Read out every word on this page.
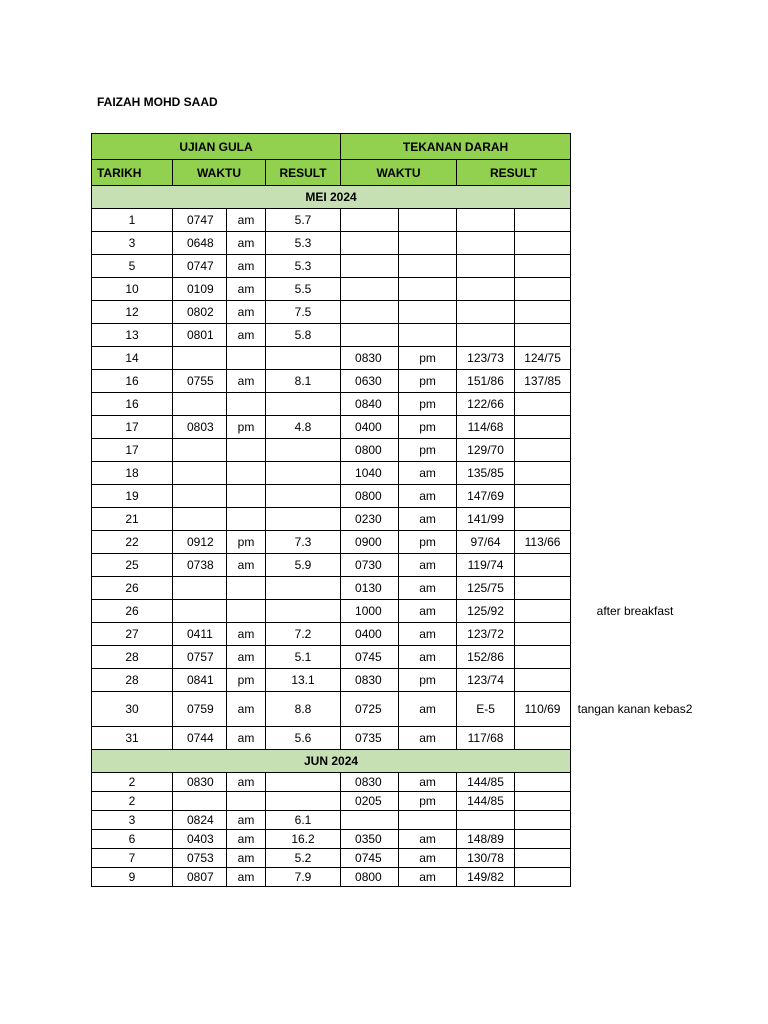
FAIZAH MOHD SAAD
UJIAN GULA				TEKANAN DARAH			
TARIKH	WAKTU		RESULT	WAKTU		RESULT	
MEI 2024							
1	0747	am	5.7				
3	0648	am	5.3				
5	0747	am	5.3				
10	0109	am	5.5				
12	0802	am	7.5				
13	0801	am	5.8				
14				0830	pm	123/73	124/75
16	0755	am	8.1	0630	pm	151/86	137/85
16				0840	pm	122/66	
17	0803	pm	4.8	0400	pm	114/68	
17				0800	pm	129/70	
18				1040	am	135/85	
19				0800	am	147/69	
21				0230	am	141/99	
22	0912	pm	7.3	0900	pm	97/64	113/66
25	0738	am	5.9	0730	am	119/74	
26				0130	am	125/75	
26				1000	am	125/92	
27	0411	am	7.2	0400	am	123/72	
28	0757	am	5.1	0745	am	152/86	
28	0841	pm	13.1	0830	pm	123/74	
30	0759	am	8.8	0725	am	E-5	110/69
31	0744	am	5.6	0735	am	117/68	
JUN 2024							
2	0830	am		0830	am	144/85	
2				0205	pm	144/85	
3	0824	am	6.1				
6	0403	am	16.2	0350	am	148/89	
7	0753	am	5.2	0745	am	130/78	
9	0807	am	7.9	0800	am	149/82	
after breakfast
tangan kanan kebas2
